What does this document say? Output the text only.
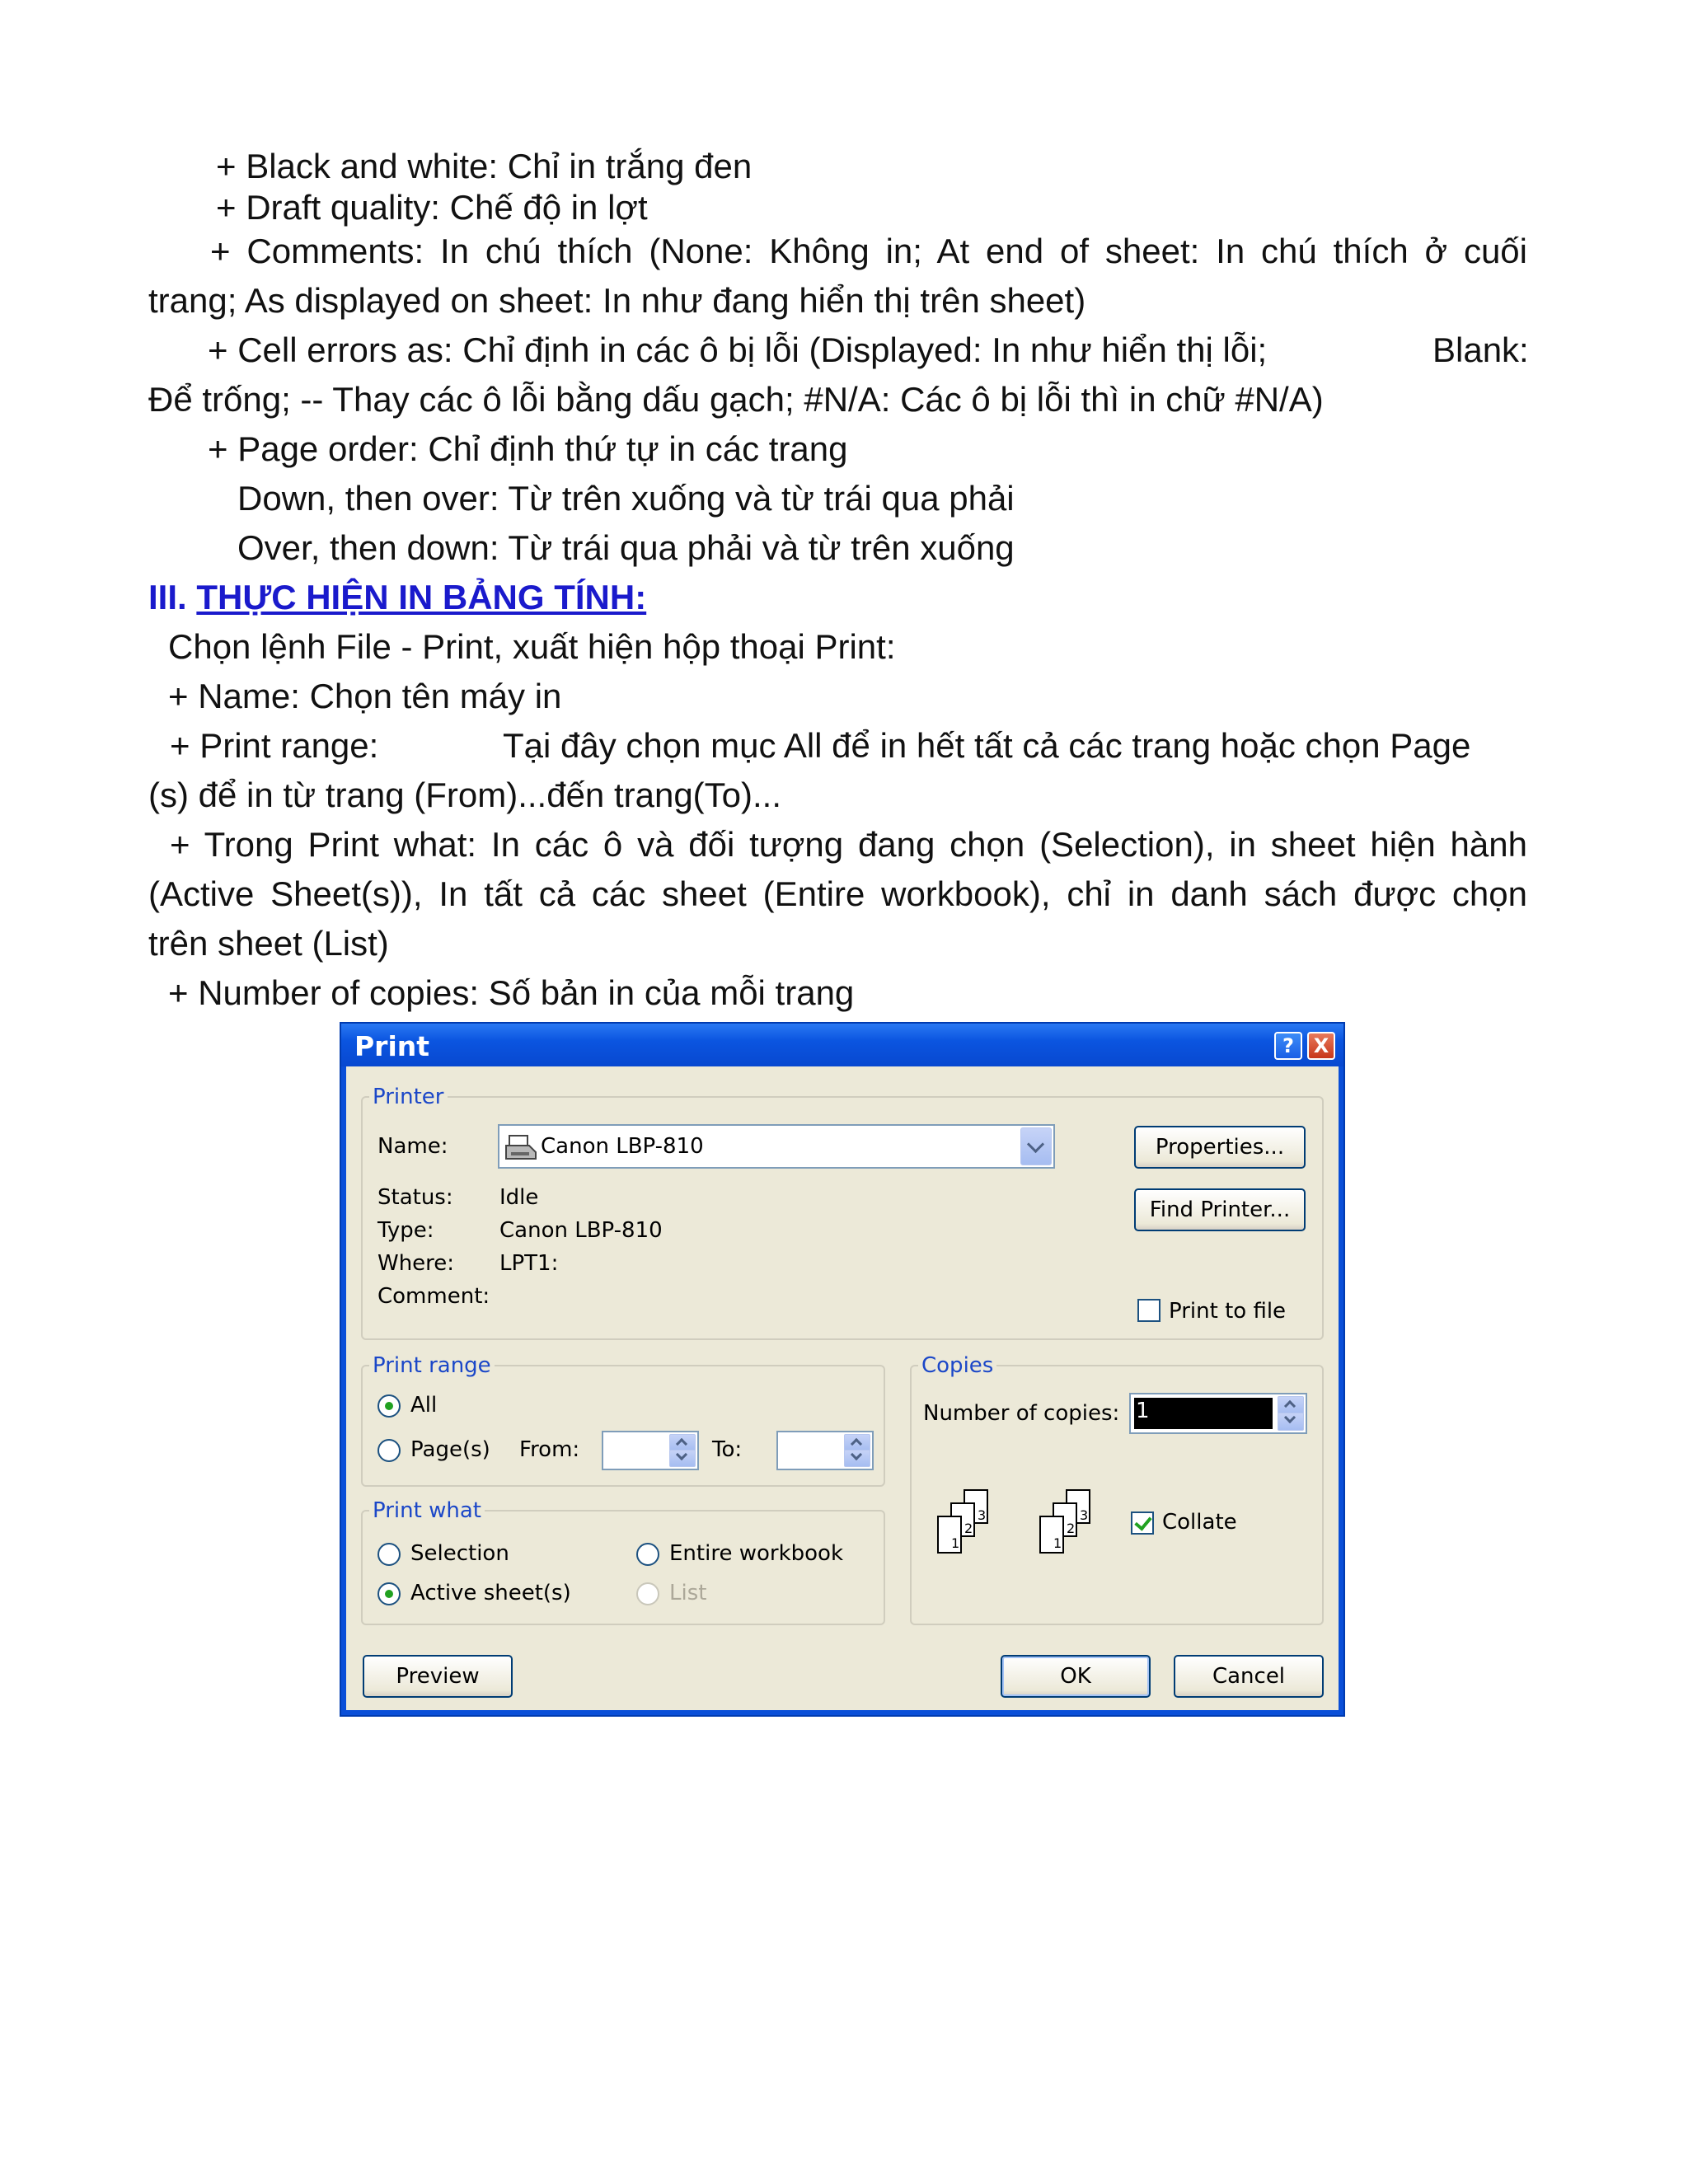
+ Black and white: Chỉ in trắng đen
+ Draft quality: Chế độ in lợt
+ Comments: In chú thích (None: Không in; At end of sheet: In chú thích ở cuối
trang; As displayed on sheet: In như đang hiển thị trên sheet)
+ Cell errors as: Chỉ định in các ô bị lỗi (Displayed: In như hiển thị lỗi;	Blank:
Để trống; -- Thay các ô lỗi bằng dấu gạch; #N/A: Các ô bị lỗi thì in chữ #N/A)
+ Page order: Chỉ định thứ tự in các trang
Down, then over: Từ trên xuống và từ trái qua phải
Over, then down: Từ trái qua phải và từ trên xuống
III. THỰC HIỆN IN BẢNG TÍNH:
Chọn lệnh File - Print, xuất hiện hộp thoại Print:
+ Name: Chọn tên máy in
+ Print range:	Tại đây chọn mục All để in hết tất cả các trang hoặc chọn Page
(s) để in từ trang (From)...đến trang(To)...
+ Trong Print what: In các ô và đối tượng đang chọn (Selection), in sheet hiện hành
(Active Sheet(s)), In tất cả các sheet (Entire workbook), chỉ in danh sách được chọn
trên sheet (List)
+ Number of copies: Số bản in của mỗi trang
Print	? X
Printer
Name:	Canon LBP-810
Status: Idle
Type:	Canon LBP-810
Where: LPT1:
Comment:
Properties...
Find Printer...
Print to file
Print range
All
Page(s) From:	To:
Print what
Selection	Entire workbook
Active sheet(s)	List
Copies
Number of copies: 1
3
2
1
3
2
1
Collate
Preview	OK	Cancel
